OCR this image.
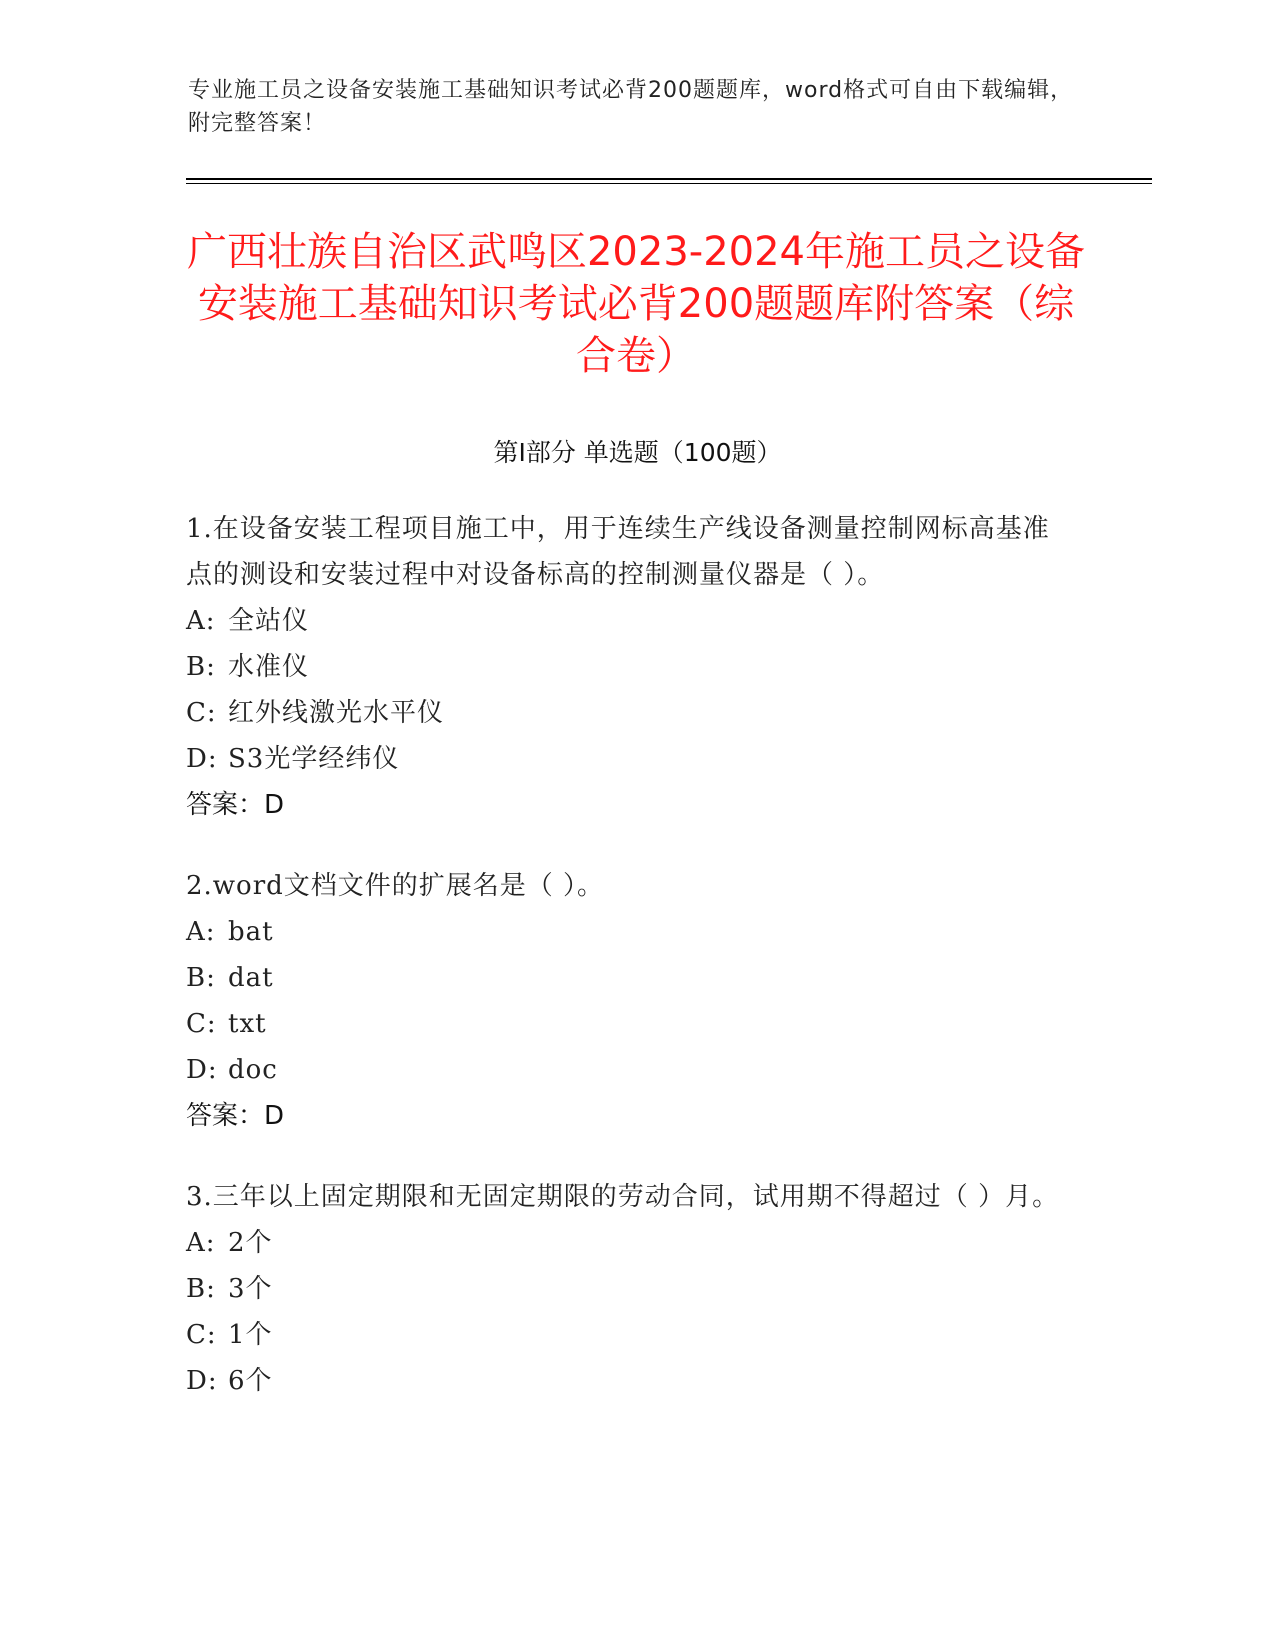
专业施工员之设备安装施工基础知识考试必背200题题库，word格式可自由下载编辑，附完整答案！
广西壮族自治区武鸣区2023-2024年施工员之设备安装施工基础知识考试必背200题题库附答案（综合卷）
第I部分 单选题（100题）
1.在设备安装工程项目施工中，用于连续生产线设备测量控制网标高基准点的测设和安装过程中对设备标高的控制测量仪器是（ ）。
A: 全站仪
B: 水准仪
C: 红外线激光水平仪
D: S3光学经纬仪
答案：D
2.word文档文件的扩展名是（ ）。
A: bat
B: dat
C: txt
D: doc
答案：D
3.三年以上固定期限和无固定期限的劳动合同，试用期不得超过（ ）月。
A: 2个
B: 3个
C: 1个
D: 6个
